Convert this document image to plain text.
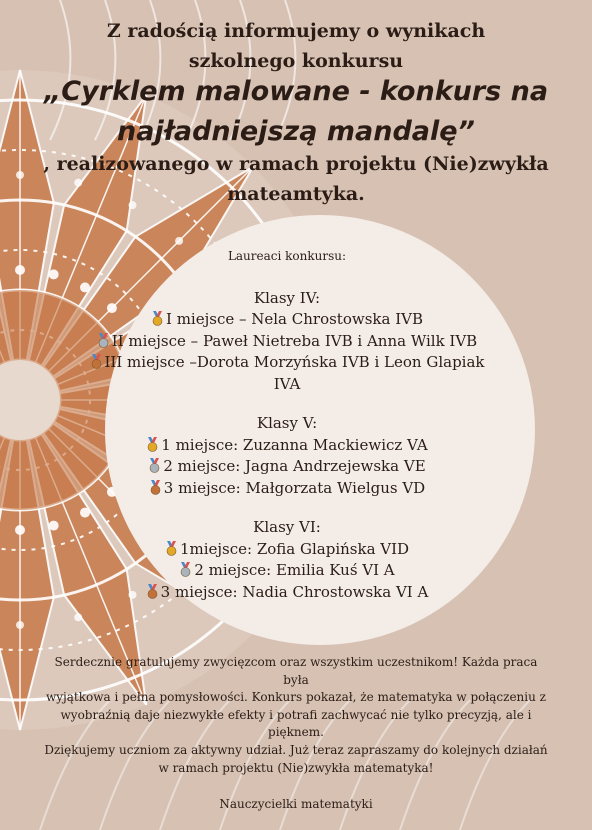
Z radością informujemy o wynikach
szkolnego konkursu
„Cyrklem malowane - konkurs na
najładniejszą mandalę”
, realizowanego w ramach projektu (Nie)zwykła
mateamtyka.
Laureaci konkursu:
Klasy IV:
I miejsce – Nela Chrostowska IVB
II miejsce – Paweł Nietreba IVB i Anna Wilk IVB
III miejsce –Dorota Morzyńska IVB i Leon Glapiak
IVA
Klasy V:
1 miejsce: Zuzanna Mackiewicz VA
2 miejsce: Jagna Andrzejewska VE
3 miejsce: Małgorzata Wielgus VD
Klasy VI:
1miejsce: Zofia Glapińska VID
2 miejsce: Emilia Kuś VI A
3 miejsce: Nadia Chrostowska VI A
Serdecznie gratulujemy zwycięzcom oraz wszystkim uczestnikom! Każda praca była
wyjątkowa i pełna pomysłowości. Konkurs pokazał, że matematyka w połączeniu z
wyobraźnią daje niezwykłe efekty i potrafi zachwycać nie tylko precyzją, ale i
pięknem.
Dziękujemy uczniom za aktywny udział. Już teraz zapraszamy do kolejnych działań
w ramach projektu (Nie)zwykła matematyka!
Nauczycielki matematyki
